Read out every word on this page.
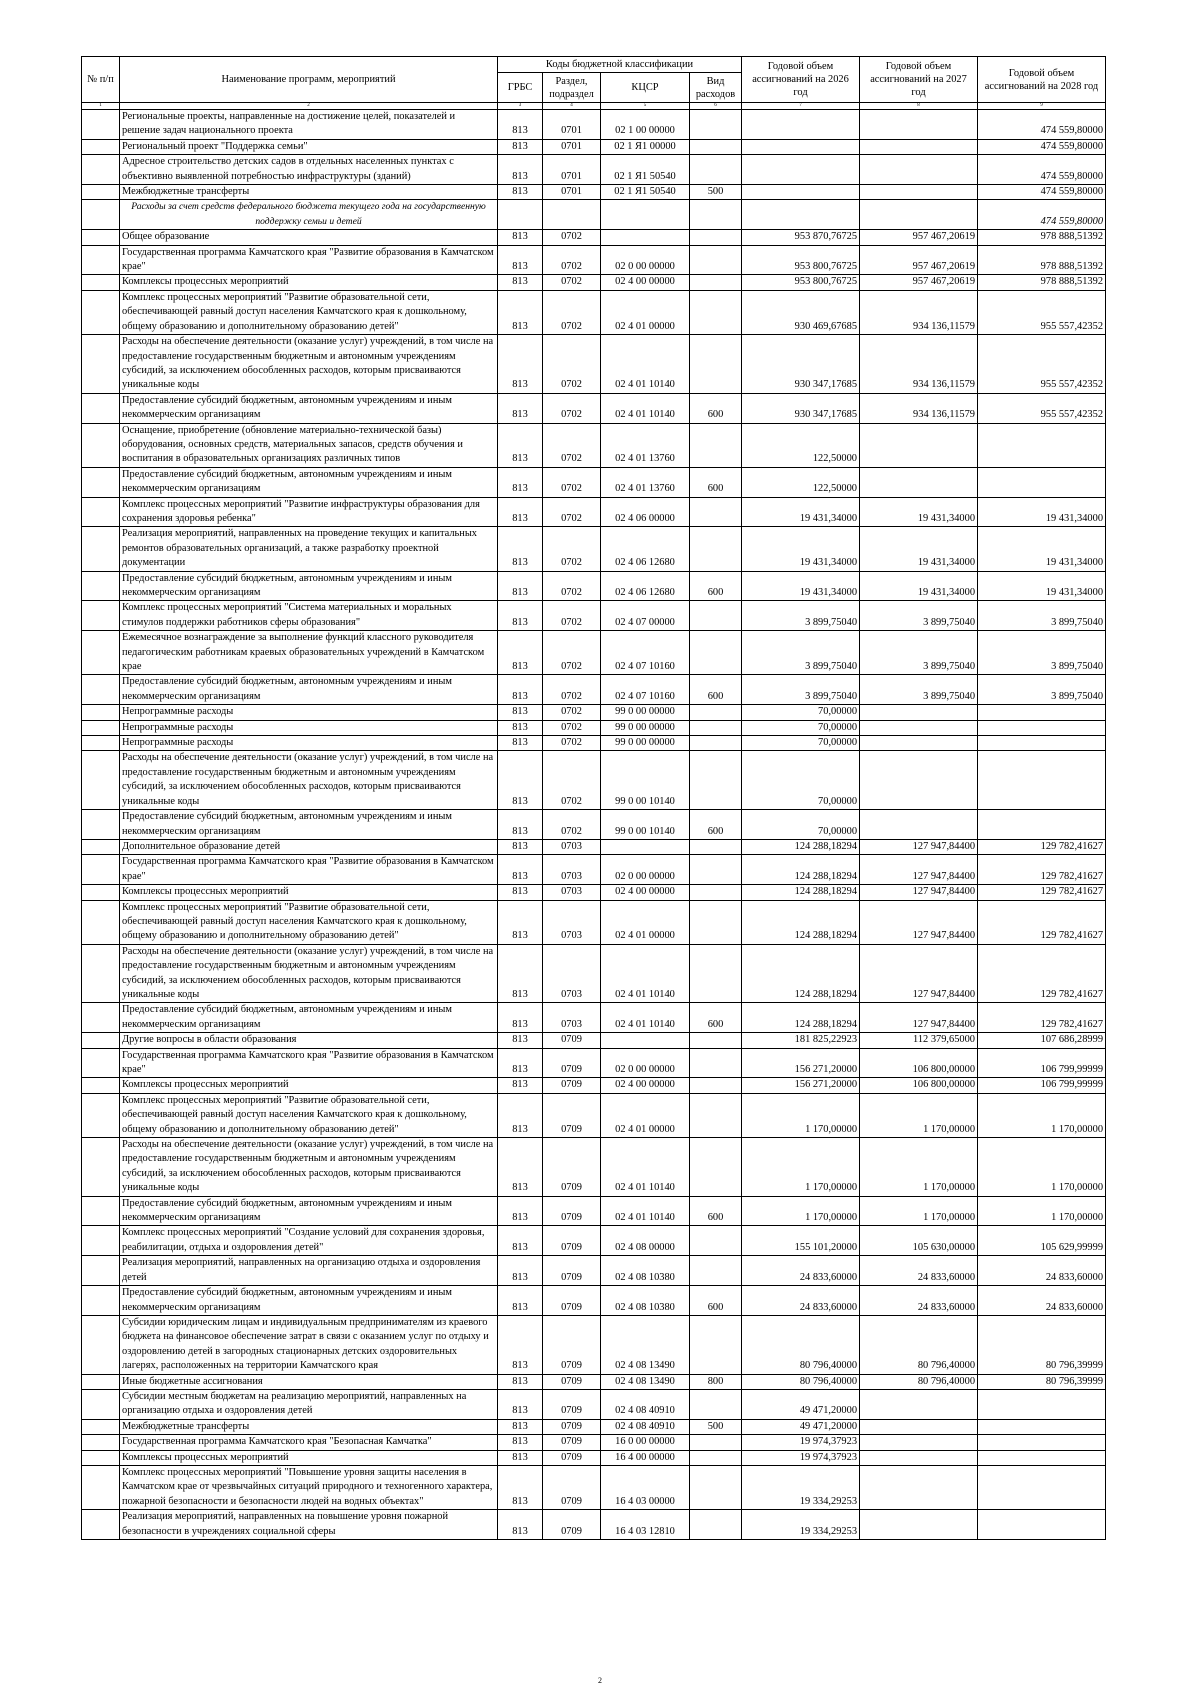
№ п/п	Наименование программ, мероприятий	Коды бюджетной классификации				Годовой объем ассигнований на 2026 год	Годовой объем ассигнований на 2027 год	Годовой объем ассигнований на 2028 год
		ГРБС	Раздел, подраздел	КЦСР	Вид расходов			
1	2	3	4	5	6	7	8	9
	Региональные проекты, направленные на достижение целей, показателей и решение задач национального проекта	813	0701	02 1 00 00000				474 559,80000
	Региональный проект "Поддержка семьи"	813	0701	02 1 Я1 00000				474 559,80000
	Адресное строительство детских садов в отдельных населенных пунктах с объективно выявленной потребностью инфраструктуры (зданий)	813	0701	02 1 Я1 50540				474 559,80000
	Межбюджетные трансферты	813	0701	02 1 Я1 50540	500			474 559,80000
	Расходы за счет средств федерального бюджета текущего года на государственную поддержку семьи и детей							474 559,80000
	Общее образование	813	0702			953 870,76725	957 467,20619	978 888,51392
	Государственная программа Камчатского края "Развитие образования в Камчатском крае"	813	0702	02 0 00 00000		953 800,76725	957 467,20619	978 888,51392
	Комплексы процессных мероприятий	813	0702	02 4 00 00000		953 800,76725	957 467,20619	978 888,51392
	Комплекс процессных мероприятий "Развитие образовательной сети, обеспечивающей равный доступ населения Камчатского края к дошкольному, общему образованию и дополнительному образованию детей"	813	0702	02 4 01 00000		930 469,67685	934 136,11579	955 557,42352
	Расходы на обеспечение деятельности (оказание услуг) учреждений, в том числе на предоставление государственным бюджетным и автономным учреждениям субсидий, за исключением обособленных расходов, которым присваиваются уникальные коды	813	0702	02 4 01 10140		930 347,17685	934 136,11579	955 557,42352
	Предоставление субсидий бюджетным, автономным учреждениям и иным некоммерческим организациям	813	0702	02 4 01 10140	600	930 347,17685	934 136,11579	955 557,42352
	Оснащение, приобретение (обновление материально-технической базы) оборудования, основных средств, материальных запасов, средств обучения и воспитания в образовательных организациях различных типов	813	0702	02 4 01 13760		122,50000		
	Предоставление субсидий бюджетным, автономным учреждениям и иным некоммерческим организациям	813	0702	02 4 01 13760	600	122,50000		
	Комплекс процессных мероприятий "Развитие инфраструктуры образования для сохранения здоровья ребенка"	813	0702	02 4 06 00000		19 431,34000	19 431,34000	19 431,34000
	Реализация мероприятий, направленных на проведение текущих и капитальных ремонтов образовательных организаций, а также разработку проектной документации	813	0702	02 4 06 12680		19 431,34000	19 431,34000	19 431,34000
	Предоставление субсидий бюджетным, автономным учреждениям и иным некоммерческим организациям	813	0702	02 4 06 12680	600	19 431,34000	19 431,34000	19 431,34000
	Комплекс процессных мероприятий "Система материальных и моральных стимулов поддержки работников сферы образования"	813	0702	02 4 07 00000		3 899,75040	3 899,75040	3 899,75040
	Ежемесячное вознаграждение за выполнение функций классного руководителя педагогическим работникам краевых образовательных учреждений в Камчатском крае	813	0702	02 4 07 10160		3 899,75040	3 899,75040	3 899,75040
	Предоставление субсидий бюджетным, автономным учреждениям и иным некоммерческим организациям	813	0702	02 4 07 10160	600	3 899,75040	3 899,75040	3 899,75040
	Непрограммные расходы	813	0702	99 0 00 00000		70,00000		
	Непрограммные расходы	813	0702	99 0 00 00000		70,00000		
	Непрограммные расходы	813	0702	99 0 00 00000		70,00000		
	Расходы на обеспечение деятельности (оказание услуг) учреждений, в том числе на предоставление государственным бюджетным и автономным учреждениям субсидий, за исключением обособленных расходов, которым присваиваются уникальные коды	813	0702	99 0 00 10140		70,00000		
	Предоставление субсидий бюджетным, автономным учреждениям и иным некоммерческим организациям	813	0702	99 0 00 10140	600	70,00000		
	Дополнительное образование детей	813	0703			124 288,18294	127 947,84400	129 782,41627
	Государственная программа Камчатского края "Развитие образования в Камчатском крае"	813	0703	02 0 00 00000		124 288,18294	127 947,84400	129 782,41627
	Комплексы процессных мероприятий	813	0703	02 4 00 00000		124 288,18294	127 947,84400	129 782,41627
	Комплекс процессных мероприятий "Развитие образовательной сети, обеспечивающей равный доступ населения Камчатского края к дошкольному, общему образованию и дополнительному образованию детей"	813	0703	02 4 01 00000		124 288,18294	127 947,84400	129 782,41627
	Расходы на обеспечение деятельности (оказание услуг) учреждений, в том числе на предоставление государственным бюджетным и автономным учреждениям субсидий, за исключением обособленных расходов, которым присваиваются уникальные коды	813	0703	02 4 01 10140		124 288,18294	127 947,84400	129 782,41627
	Предоставление субсидий бюджетным, автономным учреждениям и иным некоммерческим организациям	813	0703	02 4 01 10140	600	124 288,18294	127 947,84400	129 782,41627
	Другие вопросы в области образования	813	0709			181 825,22923	112 379,65000	107 686,28999
	Государственная программа Камчатского края "Развитие образования в Камчатском крае"	813	0709	02 0 00 00000		156 271,20000	106 800,00000	106 799,99999
	Комплексы процессных мероприятий	813	0709	02 4 00 00000		156 271,20000	106 800,00000	106 799,99999
	Комплекс процессных мероприятий "Развитие образовательной сети, обеспечивающей равный доступ населения Камчатского края к дошкольному, общему образованию и дополнительному образованию детей"	813	0709	02 4 01 00000		1 170,00000	1 170,00000	1 170,00000
	Расходы на обеспечение деятельности (оказание услуг) учреждений, в том числе на предоставление государственным бюджетным и автономным учреждениям субсидий, за исключением обособленных расходов, которым присваиваются уникальные коды	813	0709	02 4 01 10140		1 170,00000	1 170,00000	1 170,00000
	Предоставление субсидий бюджетным, автономным учреждениям и иным некоммерческим организациям	813	0709	02 4 01 10140	600	1 170,00000	1 170,00000	1 170,00000
	Комплекс процессных мероприятий "Создание условий для сохранения здоровья, реабилитации, отдыха и оздоровления детей"	813	0709	02 4 08 00000		155 101,20000	105 630,00000	105 629,99999
	Реализация мероприятий, направленных на организацию отдыха и оздоровления детей	813	0709	02 4 08 10380		24 833,60000	24 833,60000	24 833,60000
	Предоставление субсидий бюджетным, автономным учреждениям и иным некоммерческим организациям	813	0709	02 4 08 10380	600	24 833,60000	24 833,60000	24 833,60000
	Субсидии юридическим лицам и индивидуальным предпринимателям из краевого бюджета на финансовое обеспечение затрат в связи с оказанием услуг по отдыху и оздоровлению детей в загородных стационарных детских оздоровительных лагерях, расположенных на территории Камчатского края	813	0709	02 4 08 13490		80 796,40000	80 796,40000	80 796,39999
	Иные бюджетные ассигнования	813	0709	02 4 08 13490	800	80 796,40000	80 796,40000	80 796,39999
	Субсидии местным бюджетам на реализацию мероприятий, направленных на организацию отдыха и оздоровления детей	813	0709	02 4 08 40910		49 471,20000		
	Межбюджетные трансферты	813	0709	02 4 08 40910	500	49 471,20000		
	Государственная программа Камчатского края "Безопасная Камчатка"	813	0709	16 0 00 00000		19 974,37923		
	Комплексы процессных мероприятий	813	0709	16 4 00 00000		19 974,37923		
	Комплекс процессных мероприятий "Повышение уровня защиты населения в Камчатском крае от чрезвычайных ситуаций природного и техногенного характера, пожарной безопасности и безопасности людей на водных объектах"	813	0709	16 4 03 00000		19 334,29253		
	Реализация мероприятий, направленных на повышение уровня пожарной безопасности в учреждениях социальной сферы	813	0709	16 4 03 12810		19 334,29253		
2
